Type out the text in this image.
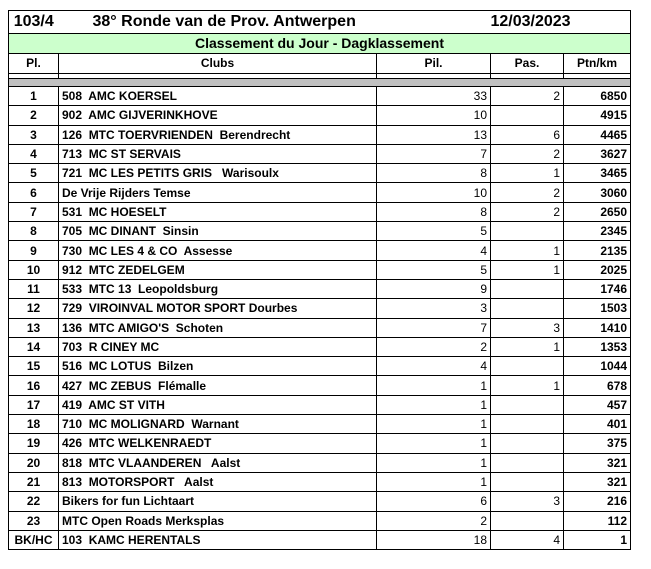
103/4	38° Ronde van de Prov. Antwerpen		12/03/2023	
Classement du Jour - Dagklassement				
Pl.	Clubs	Pil.	Pas.	Ptn/km

1	508  AMC KOERSEL	33	2	6850
2	902  AMC GIJVERINKHOVE	10		4915
3	126  MTC TOERVRIENDEN  Berendrecht	13	6	4465
4	713  MC ST SERVAIS	7	2	3627
5	721  MC LES PETITS GRIS   Warisoulx	8	1	3465
6	De Vrije Rijders Temse	10	2	3060
7	531  MC HOESELT	8	2	2650
8	705  MC DINANT  Sinsin	5		2345
9	730  MC LES 4 & CO  Assesse	4	1	2135
10	912  MTC ZEDELGEM	5	1	2025
11	533  MTC 13  Leopoldsburg	9		1746
12	729  VIROINVAL MOTOR SPORT Dourbes	3		1503
13	136  MTC AMIGO'S  Schoten	7	3	1410
14	703  R CINEY MC	2	1	1353
15	516  MC LOTUS  Bilzen	4		1044
16	427  MC ZEBUS  Flémalle	1	1	678
17	419  AMC ST VITH	1		457
18	710  MC MOLIGNARD  Warnant	1		401
19	426  MTC WELKENRAEDT	1		375
20	818  MTC VLAANDEREN   Aalst	1		321
21	813  MOTORSPORT   Aalst	1		321
22	Bikers for fun Lichtaart	6	3	216
23	MTC Open Roads Merksplas	2		112
BK/HC	103  KAMC HERENTALS	18	4	1
